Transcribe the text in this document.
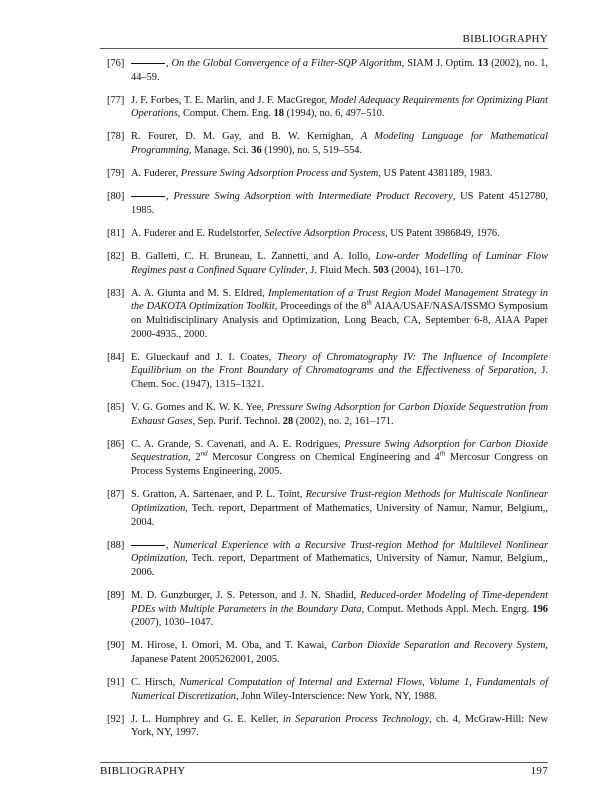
BIBLIOGRAPHY
[76]	, On the Global Convergence of a Filter-SQP Algorithm, SIAM J. Optim. 13 (2002), no. 1, 44–59.
[77] J. F. Forbes, T. E. Marlin, and J. F. MacGregor, Model Adequacy Requirements for Optimizing Plant Operations, Comput. Chem. Eng. 18 (1994), no. 6, 497–510.
[78] R. Fourer, D. M. Gay, and B. W. Kernighan, A Modeling Language for Mathematical Programming, Manage. Sci. 36 (1990), no. 5, 519–554.
[79] A. Fuderer, Pressure Swing Adsorption Process and System, US Patent 4381189, 1983.
[80]	, Pressure Swing Adsorption with Intermediate Product Recovery, US Patent 4512780, 1985.
[81] A. Fuderer and E. Rudelstorfer, Selective Adsorption Process, US Patent 3986849, 1976.
[82] B. Galletti, C. H. Bruneau, L. Zannetti, and A. Iollo, Low-order Modelling of Laminar Flow Regimes past a Confined Square Cylinder, J. Fluid Mech. 503 (2004), 161–170.
[83] A. A. Giunta and M. S. Eldred, Implementation of a Trust Region Model Management Strategy in the DAKOTA Optimization Toolkit, Proceedings of the 8th AIAA/USAF/NASA/ISSMO Symposium on Multidisciplinary Analysis and Optimization, Long Beach, CA, September 6-8, AIAA Paper 2000-4935., 2000.
[84] E. Glueckauf and J. I. Coates, Theory of Chromatography IV: The Influence of Incomplete Equilibrium on the Front Boundary of Chromatograms and the Effectiveness of Separation, J. Chem. Soc. (1947), 1315–1321.
[85] V. G. Gomes and K. W. K. Yee, Pressure Swing Adsorption for Carbon Dioxide Sequestration from Exhaust Gases, Sep. Purif. Technol. 28 (2002), no. 2, 161–171.
[86] C. A. Grande, S. Cavenati, and A. E. Rodrigues, Pressure Swing Adsorption for Carbon Dioxide Sequestration, 2nd Mercosur Congress on Chemical Engineering and 4th Mercosur Congress on Process Systems Engineering, 2005.
[87] S. Gratton, A. Sartenaer, and P. L. Toint, Recursive Trust-region Methods for Multiscale Nonlinear Optimization, Tech. report, Department of Mathematics, University of Namur, Namur, Belgium,, 2004.
[88]	, Numerical Experience with a Recursive Trust-region Method for Multilevel Nonlinear Optimization, Tech. report, Department of Mathematics, University of Namur, Namur, Belgium,, 2006.
[89] M. D. Gunzburger, J. S. Peterson, and J. N. Shadid, Reduced-order Modeling of Time-dependent PDEs with Multiple Parameters in the Boundary Data, Comput. Methods Appl. Mech. Engrg. 196 (2007), 1030–1047.
[90] M. Hirose, I. Omori, M. Oba, and T. Kawai, Carbon Dioxide Separation and Recovery System, Japanese Patent 2005262001, 2005.
[91] C. Hirsch, Numerical Computation of Internal and External Flows, Volume 1, Fundamentals of Numerical Discretization, John Wiley-Interscience: New York, NY, 1988.
[92] J. L. Humphrey and G. E. Keller, in Separation Process Technology, ch. 4, McGraw-Hill: New York, NY, 1997.
BIBLIOGRAPHY	197
